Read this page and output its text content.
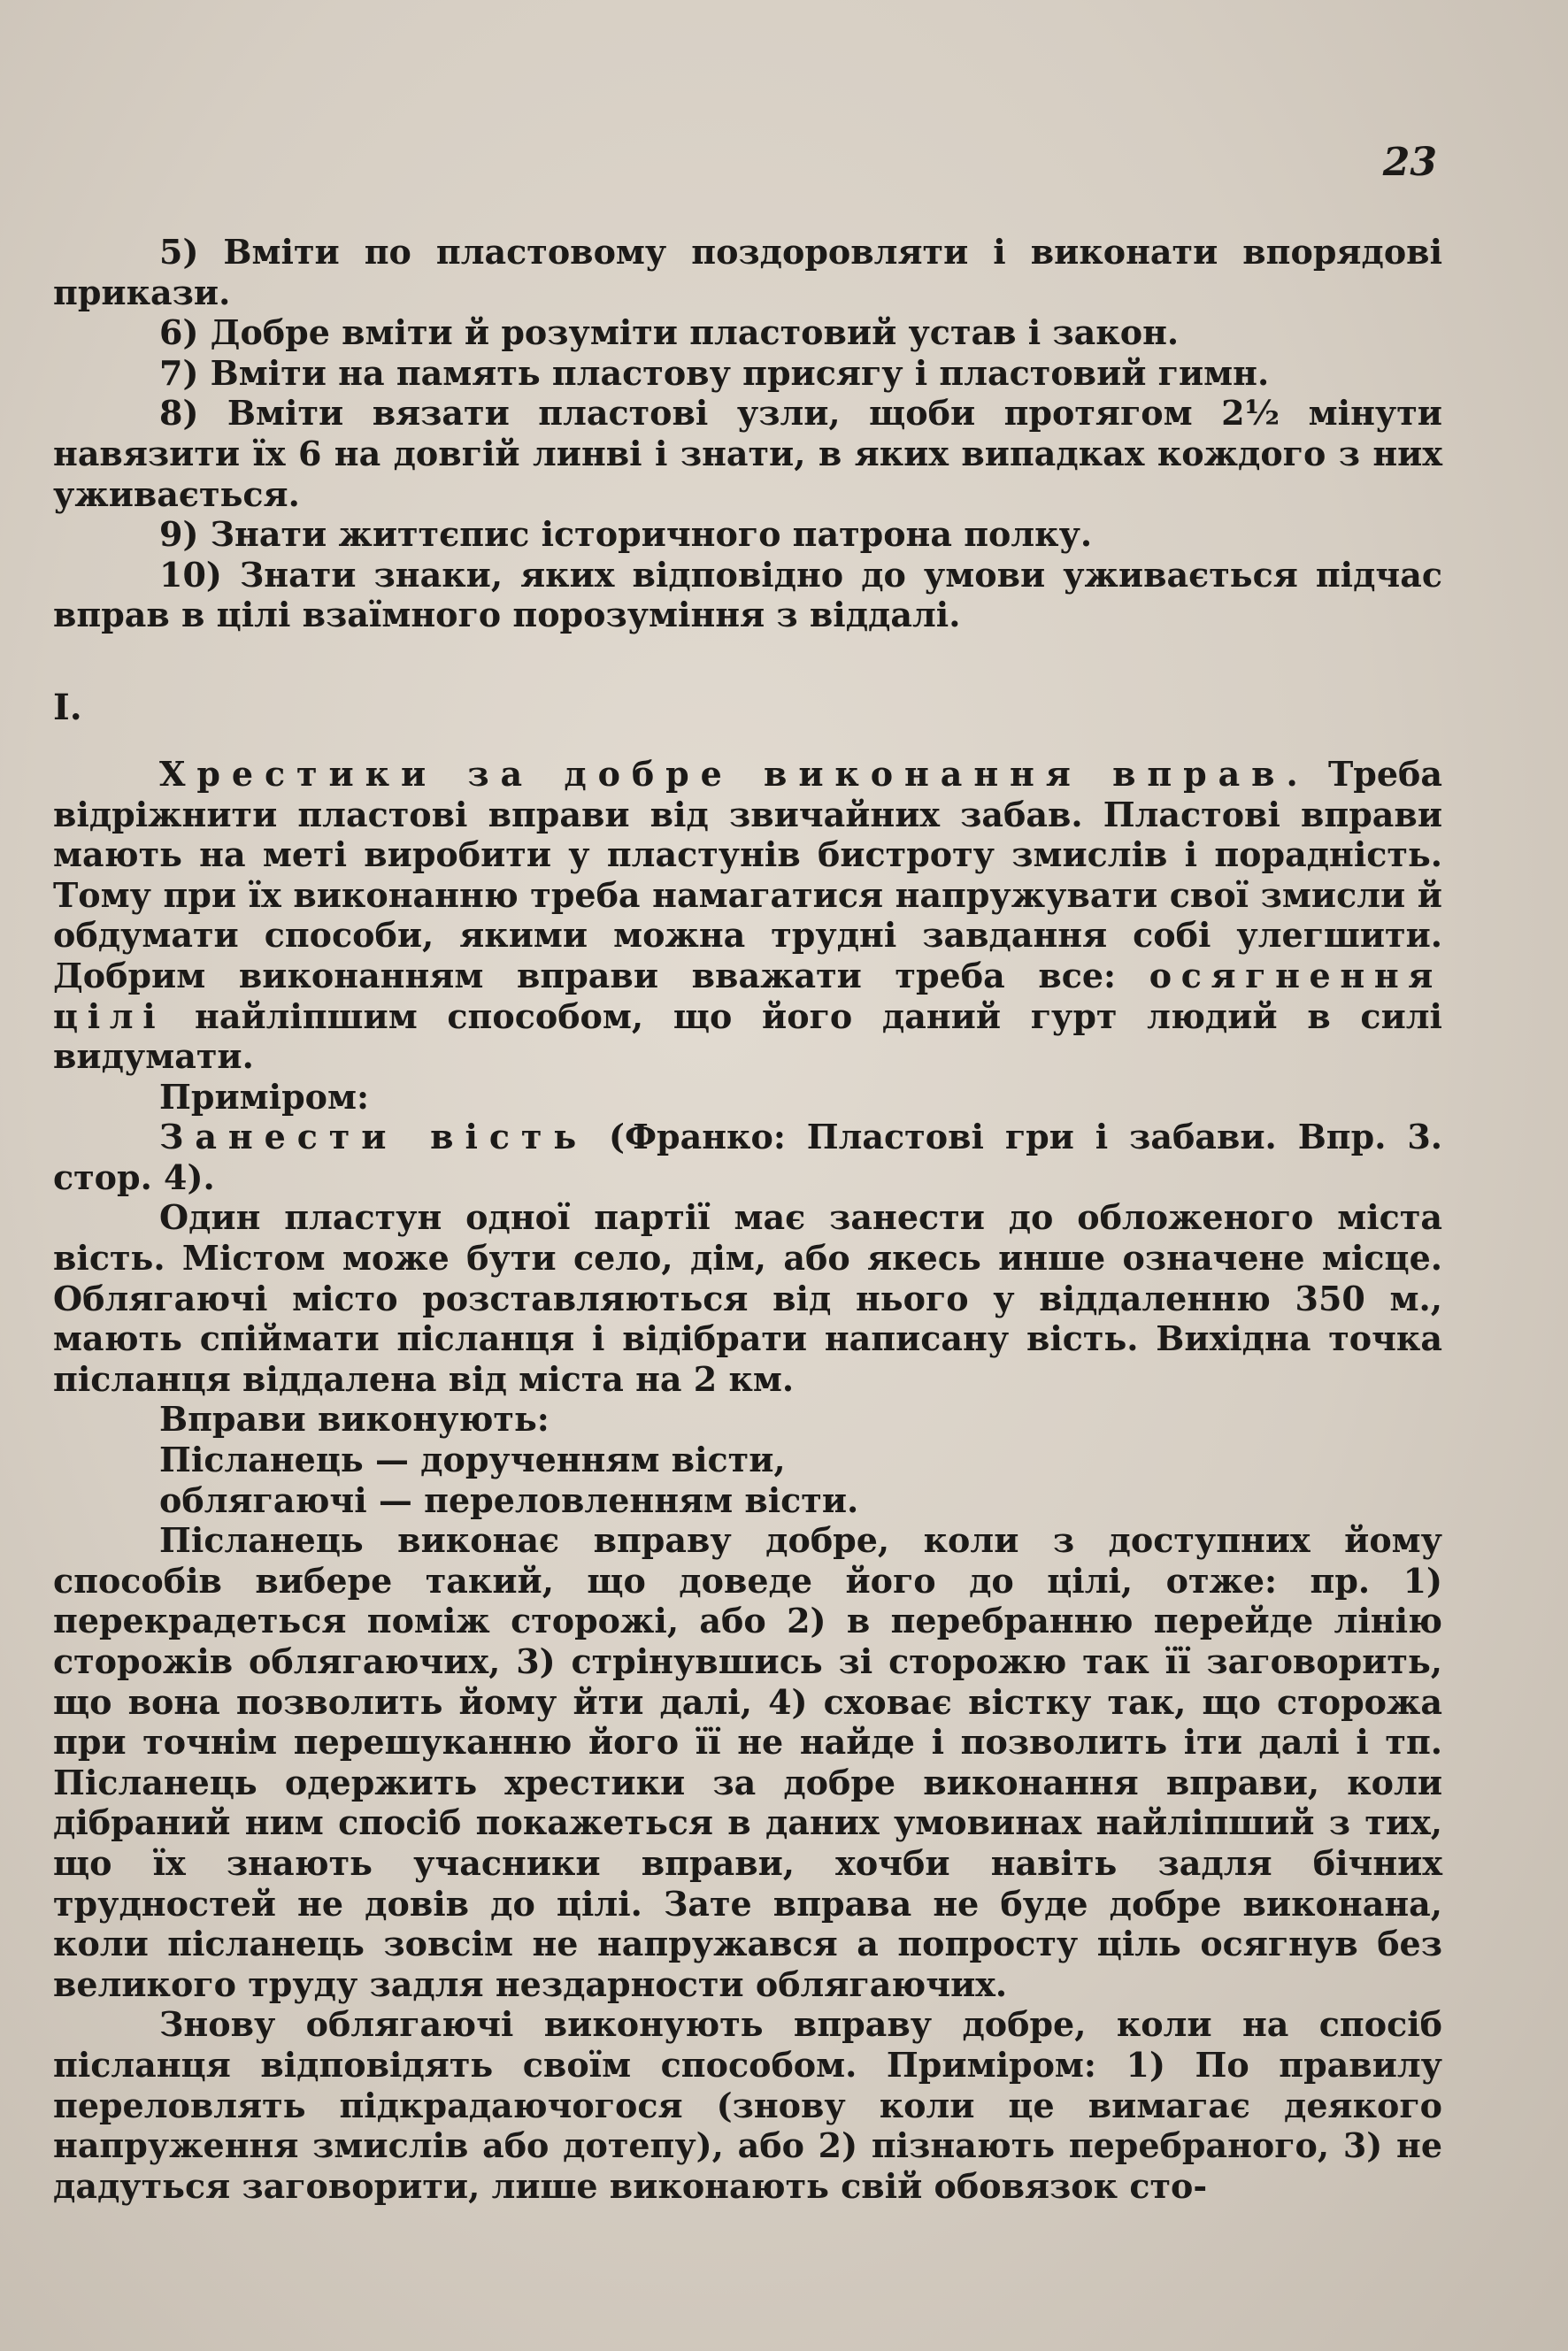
23

5) Вміти по пластовому поздоровляти і виконати впорядові прикази.

6) Добре вміти й розуміти пластовий устав і закон.

7) Вміти на память пластову присягу і пластовий гимн.

8) Вміти вязати пластові узли, щоби протягом 2½ мінути навязити їх 6 на довгій линві і знати, в яких випадках кождого з них уживається.

9) Знати життєпис історичного патрона полку.

10) Знати знаки, яких відповідно до умови уживається підчас вправ в цілі взаїмного порозуміння з віддалі.

I.

Хрестики за добре виконання вправ. Треба відріжнити пластові вправи від звичайних забав. Пластові вправи мають на меті виробити у пластунів бистроту змислів і порадність. Тому при їх виконанню треба намагатися напружувати свої змисли й обдумати способи, якими можна трудні завдання собі улегшити. Добрим виконанням вправи вважати треба все: осягнення цілі найліпшим способом, що його даний гурт людий в силі видумати.

Приміром:

Занести вість (Франко: Пластові гри і забави. Впр. 3. стор. 4).

Один пластун одної партії має занести до обложеного міста вість. Містом може бути село, дім, або якесь инше означене місце. Облягаючі місто розставляються від нього у віддаленню 350 м., мають спіймати післанця і відібрати написану вість. Вихідна точка післанця віддалена від міста на 2 км.

Вправи виконують:

Післанець — дорученням вісти,

облягаючі — переловленням вісти.

Післанець виконає вправу добре, коли з доступних йому способів вибере такий, що доведе його до цілі, отже: пр. 1) перекрадеться поміж сторожі, або 2) в перебранню перейде лінію сторожів облягаючих, 3) стрінувшись зі сторожю так її заговорить, що вона позволить йому йти далі, 4) сховає вістку так, що сторожа при точнім перешуканню його її не найде і позволить іти далі і тп. Післанець одержить хрестики за добре виконання вправи, коли дібраний ним спосіб покажеться в даних умовинах найліпший з тих, що їх знають учасники вправи, хочби навіть задля бічних трудностей не довів до цілі. Зате вправа не буде добре виконана, коли післанець зовсім не напружався а попросту ціль осягнув без великого труду задля нездарности облягаючих.

Знову облягаючі виконують вправу добре, коли на спосіб післанця відповідять своїм способом. Приміром: 1) По правилу переловлять підкрадаючогося (знову коли це вимагає деякого напруження змислів або дотепу), або 2) пізнають перебраного, 3) не дадуться заговорити, лише виконають свій обовязок сто-
